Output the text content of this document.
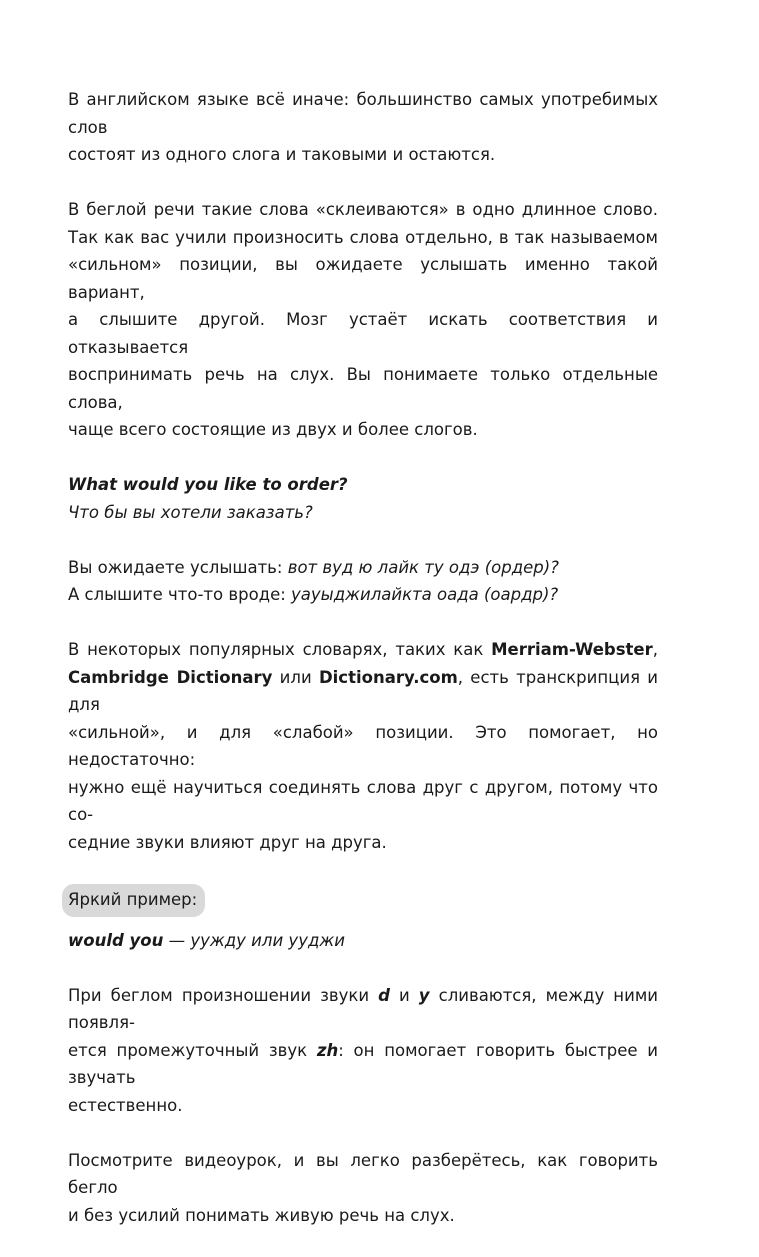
В английском языке всё иначе: большинство самых употребимых слов
состоят из одного слога и таковыми и остаются.

В беглой речи такие слова «склеиваются» в одно длинное слово.
Так как вас учили произносить слова отдельно, в так называемом
«сильном» позиции, вы ожидаете услышать именно такой вариант,
а слышите другой. Мозг устаёт искать соответствия и отказывается
воспринимать речь на слух. Вы понимаете только отдельные слова,
чаще всего состоящие из двух и более слогов.

What would you like to order?
Что бы вы хотели заказать?

Вы ожидаете услышать: вот вуд ю лайк ту одэ (ордер)?
А слышите что-то вроде: уауыджилайкта оада (оардр)?

В некоторых популярных словарях, таких как Merriam-Webster,
Cambridge Dictionary или Dictionary.com, есть транскрипция и для
«сильной», и для «слабой» позиции. Это помогает, но недостаточно:
нужно ещё научиться соединять слова друг с другом, потому что со-
седние звуки влияют друг на друга.

Яркий пример:

would you — уужду или ууджи

При беглом произношении звуки d и y сливаются, между ними появля-
ется промежуточный звук zh: он помогает говорить быстрее и звучать
естественно.

Посмотрите видеоурок, и вы легко разберётесь, как говорить бегло
и без усилий понимать живую речь на слух.
